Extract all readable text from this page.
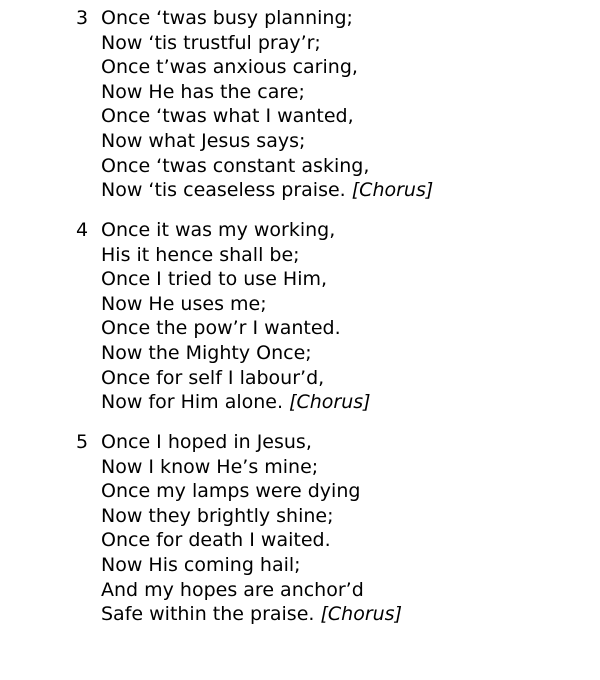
3 Once ‘twas busy planning;
Now ‘tis trustful pray’r;
Once t’was anxious caring,
Now He has the care;
Once ‘twas what I wanted,
Now what Jesus says;
Once ‘twas constant asking,
Now ‘tis ceaseless praise.
[Chorus]
4 Once it was my working,
His it hence shall be;
Once I tried to use Him,
Now He uses me;
Once the pow’r I wanted.
Now the Mighty Once;
Once for self I labour’d,
Now for Him alone.
[Chorus]
5 Once I hoped in Jesus,
Now I know He’s mine;
Once my lamps were dying
Now they brightly shine;
Once for death I waited.
Now His coming hail;
And my hopes are anchor’d
Safe within the praise.
[Chorus]
